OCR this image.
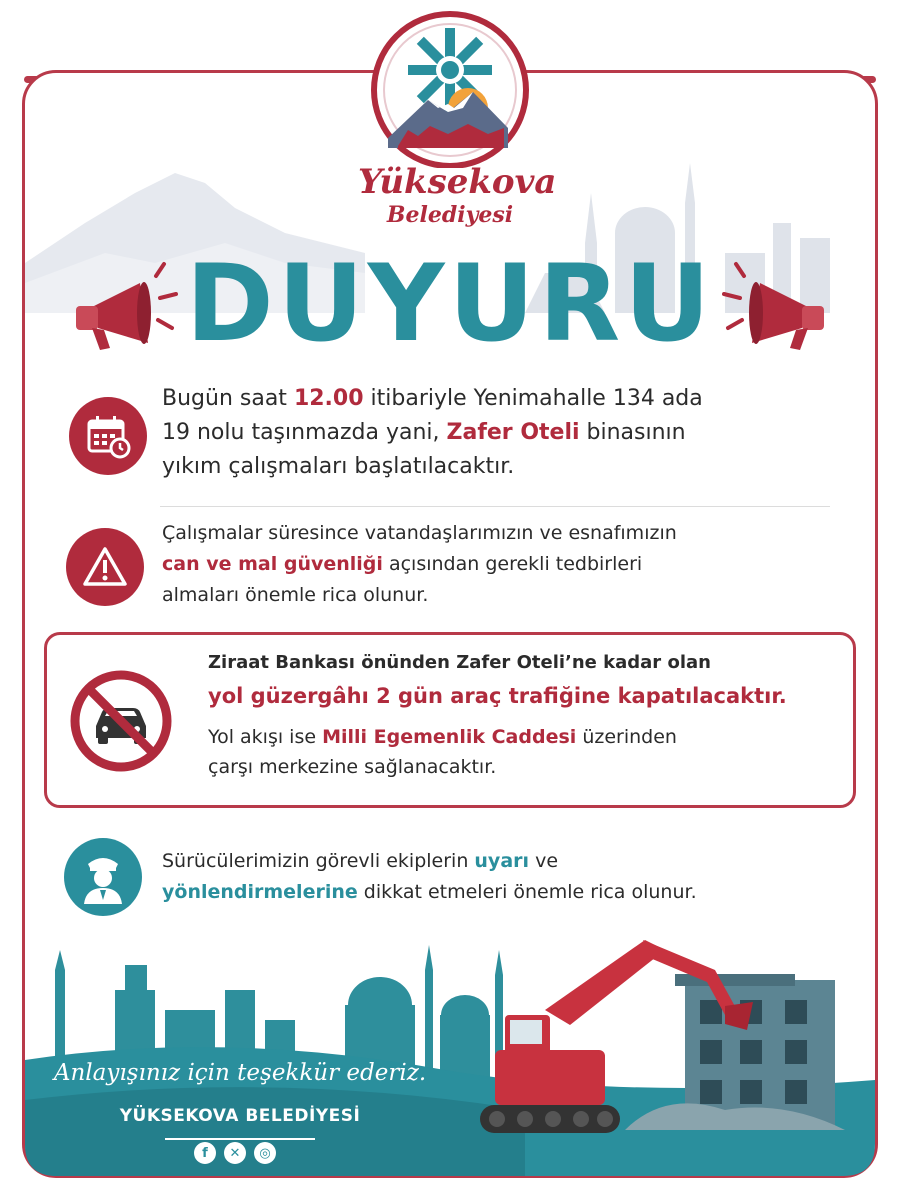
Yüksekova
Belediyesi
DUYURU
Bugün saat 12.00 itibariyle Yenimahalle 134 ada
19 nolu taşınmazda yani, Zafer Oteli binasının
yıkım çalışmaları başlatılacaktır.
Çalışmalar süresince vatandaşlarımızın ve esnafımızın
can ve mal güvenliği açısından gerekli tedbirleri
almaları önemle rica olunur.
Ziraat Bankası önünden Zafer Oteli’ne kadar olan
yol güzergâhı 2 gün araç trafiğine kapatılacaktır.
Yol akışı ise Milli Egemenlik Caddesi üzerinden
çarşı merkezine sağlanacaktır.
Sürücülerimizin görevli ekiplerin uyarı ve
yönlendirmelerine dikkat etmeleri önemle rica olunur.
Anlayışınız için teşekkür ederiz.
YÜKSEKOVA BELEDİYESİ
f	✕	◎
